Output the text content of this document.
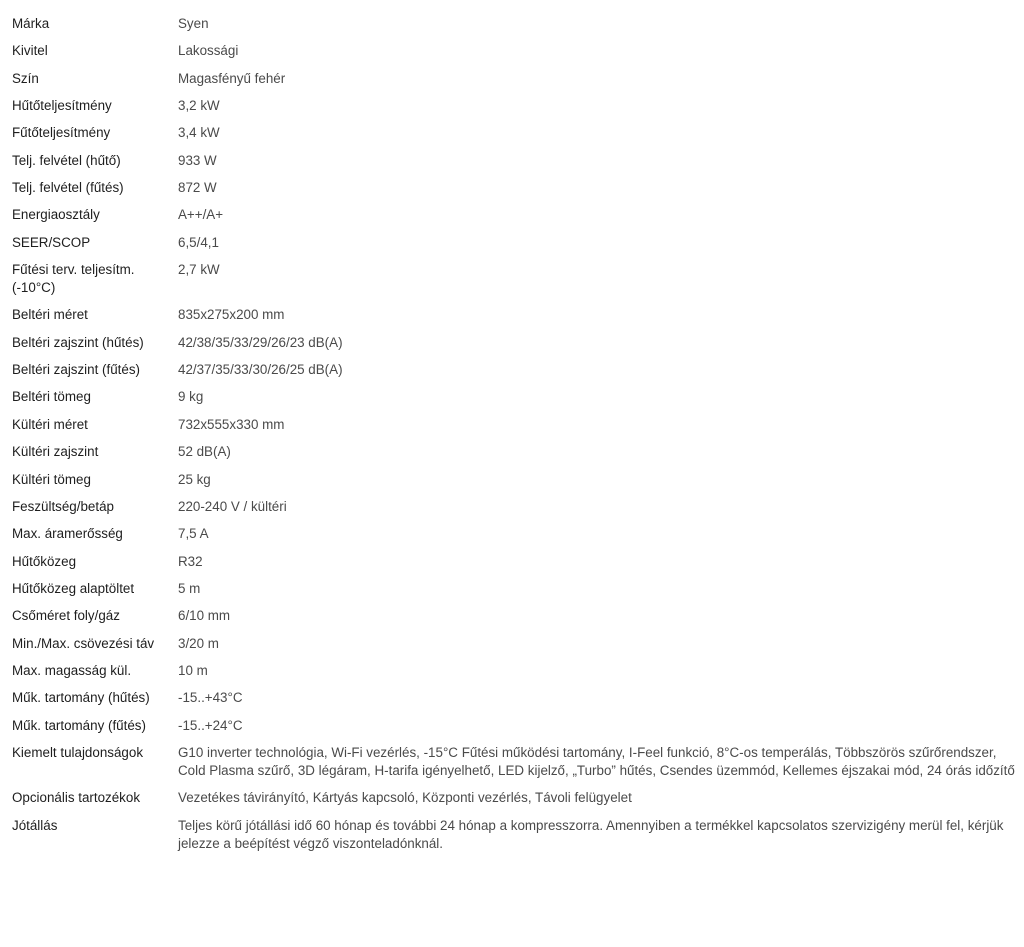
Márka	Syen
Kivitel	Lakossági
Szín	Magasfényű fehér
Hűtőteljesítmény	3,2 kW
Fűtőteljesítmény	3,4 kW
Telj. felvétel (hűtő)	933 W
Telj. felvétel (fűtés)	872 W
Energiaosztály	A++/A+
SEER/SCOP	6,5/4,1
Fűtési terv. teljesítm. (-10°C)	2,7 kW
Beltéri méret	835x275x200 mm
Beltéri zajszint (hűtés)	42/38/35/33/29/26/23 dB(A)
Beltéri zajszint (fűtés)	42/37/35/33/30/26/25 dB(A)
Beltéri tömeg	9 kg
Kültéri méret	732x555x330 mm
Kültéri zajszint	52 dB(A)
Kültéri tömeg	25 kg
Feszültség/betáp	220-240 V / kültéri
Max. áramerősség	7,5 A
Hűtőközeg	R32
Hűtőközeg alaptöltet	5 m
Csőméret foly/gáz	6/10 mm
Min./Max. csövezési táv	3/20 m
Max. magasság kül.	10 m
Műk. tartomány (hűtés)	-15..+43°C
Műk. tartomány (fűtés)	-15..+24°C
Kiemelt tulajdonságok	G10 inverter technológia, Wi-Fi vezérlés, -15°C Fűtési működési tartomány, I-Feel funkció, 8°C-os temperálás, Többszörös szűrőrendszer, Cold Plasma szűrő, 3D légáram, H-tarifa igényelhető, LED kijelző, „Turbo” hűtés, Csendes üzemmód, Kellemes éjszakai mód, 24 órás időzítő
Opcionális tartozékok	Vezetékes távirányító, Kártyás kapcsoló, Központi vezérlés, Távoli felügyelet
Jótállás	Teljes körű jótállási idő 60 hónap és további 24 hónap a kompresszorra. Amennyiben a termékkel kapcsolatos szervizigény merül fel, kérjük jelezze a beépítést végző viszonteladónknál.
